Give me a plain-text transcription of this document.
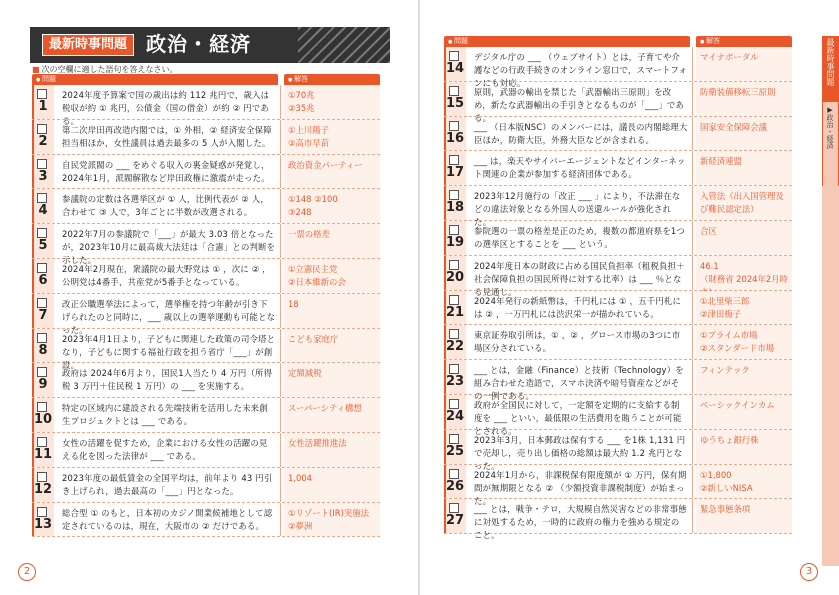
最新時事問題 政治・経済
■ 次の空欄に適した語句を答えなさい。
● 問題	● 解答
1
2024年度予算案で国の歳出は約 112 兆円で，歳入は税収が約 ① 兆円，公債金（国の借金）が約 ② 円である。
①70兆
②35兆
2
第二次岸田再改造内閣では，① 外相，② 経済安全保障担当相ほか，女性議員は過去最多の 5 人が入閣した。
①上川陽子
②高市早苗
3
自民党派閥の ___ をめぐる収入の裏金疑惑が発覚し，2024年1月，派閥解散など岸田政権に激震が走った。
政治資金パーティー
4
参議院の定数は各選挙区が ① 人，比例代表が ② 人，合わせて ③ 人で，3年ごとに半数が改選される。
①148 ②100
③248
5
2022年7月の参議院で「___」が最大 3.03 倍となったが，2023年10月に最高裁大法廷は「合憲」との判断を示した。
一票の格差
6
2024年2月現在，衆議院の最大野党は ① ，次に ② ，公明党は4番手，共産党が5番手となっている。
①立憲民主党
②日本維新の会
7
改正公職選挙法によって，選挙権を持つ年齢が引き下げられたのと同時に，___ 歳以上の選挙運動も可能となった。
18
8
2023年4月1日より，子どもに関連した政策の司令塔となり，子どもに関する福祉行政を担う省庁「___」が創設。
こども家庭庁
9
政府は 2024年6月より，国民1人当たり 4 万円（所得税 3 万円＋住民税 1 万円）の ___ を実施する。
定額減税
10
特定の区域内に建設される先端技術を活用した未来創生プロジェクトとは ___ である。
スーパーシティ構想
11
女性の活躍を促すため，企業における女性の活躍の見える化を図った法律が ___ である。
女性活躍推進法
12
2023年度の最低賃金の全国平均は，前年より 43 円引き上げられ，過去最高の「___」円となった。
1,004
13
総合型 ① のもと，日本初のカジノ開業候補地として認定されているのは，現在，大阪市の ② だけである。
①リゾート(IR)実施法
②夢洲
2
● 問題	● 解答
14
デジタル庁の ___ （ウェブサイト）とは，子育てや介護などの行政手続きのオンライン窓口で，スマートフォンにも対応。
マイナポータル
15
原則，武器の輸出を禁じた「武器輸出三原則」を改め，新たな武器輸出の手引きとなるものが「___」である。
防衛装備移転三原則
16
___ （日本版NSC）のメンバーには，議長の内閣総理大臣ほか，防衛大臣，外務大臣などが含まれる。
国家安全保障会議
17
___ は，楽天やサイバーエージェントなどインターネット関連の企業が参加する経済団体である。
新経済連盟
18
2023年12月施行の「改正 ___ 」により，不法滞在などの違法対象となる外国人の送還ルールが強化された。
入管法（出入国管理及び難民認定法）
19
参院選の一票の格差是正のため，複数の都道府県を1つの選挙区とすることを ___ という。
合区
20
2024年度日本の財政に占める国民負担率（租税負担＋社会保障負担の国民所得に対する比率）は ___ ％となる見通し。
46.1
（財務省 2024年2月時
21
2024年発行の新紙幣は，千円札には ① ，五千円札には ② ，一万円札には渋沢栄一が描かれている。
①北里柴三郎
②津田梅子
22
東京証券取引所は，① ，② ，グロース市場の3つに市場区分されている。
①プライム市場
②スタンダード市場
23
___ とは，金融（Finance）と技術（Technology）を組み合わせた造語で，スマホ決済や暗号資産などがその一例である。
フィンテック
24
政府が全国民に対して，一定額を定期的に支給する制度を ___ といい，最低限の生活費用を賄うことが可能とされる。
ベーシックインカム
25
2023年3月，日本郵政は保有する ___ を1株 1,131 円で売却し，売り出し価格の総額は最大約 1.2 兆円となった。
ゆうちょ銀行株
26
2024年1月から，非課税保有限度額が ① 万円，保有期間が無期限となる ② （少額投資非課税制度）が始まった。
①1,800
②新しいNISA
27
___ とは，戦争・テロ，大規模自然災害などの非常事態に対処するため，一時的に政府の権力を強める規定のこと。
緊急事態条項
最新時事問題
▶政治・経済
3
